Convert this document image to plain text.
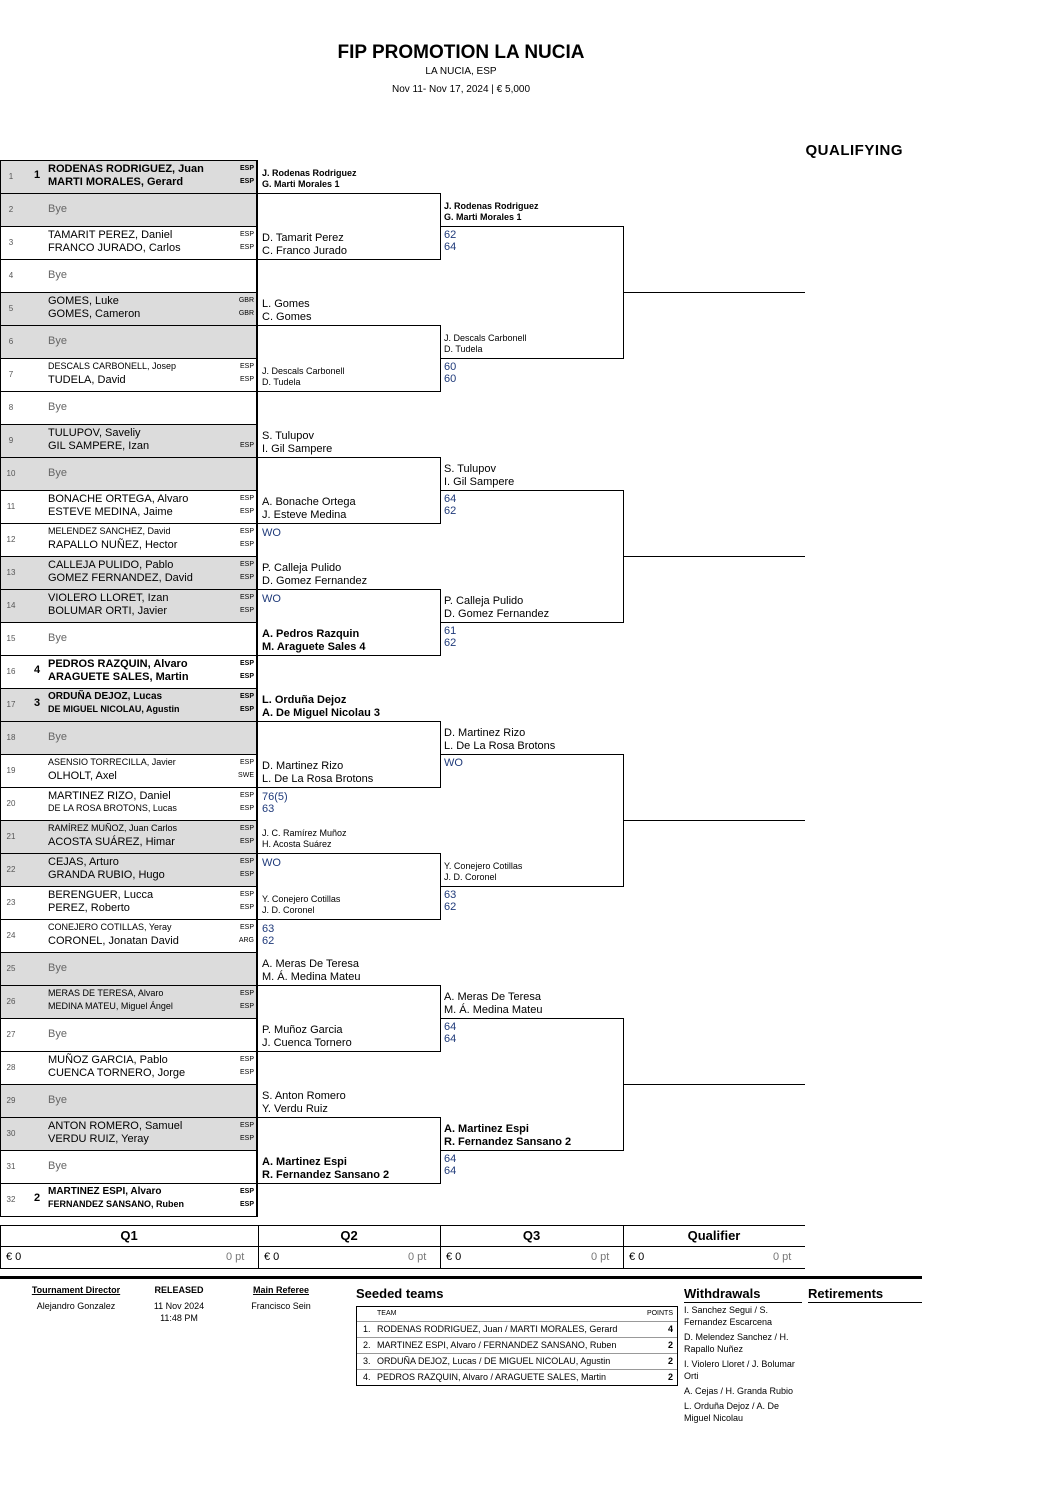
FIP PROMOTION LA NUCIA
LA NUCIA, ESP
Nov 11- Nov 17, 2024 | € 5,000
QUALIFYING
1	1 RODENAS RODRIGUEZ, Juan
MARTI MORALES, Gerard
ESP
ESP
2	Bye
3
TAMARIT PEREZ, Daniel
FRANCO JURADO, Carlos
ESP
ESP
4	Bye
5
GOMES, Luke
GOMES, Cameron
GBR
GBR
6	Bye
7
DESCALS CARBONELL, Josep
TUDELA, David
ESP
ESP
8	Bye
9
TULUPOV, Saveliy
GIL SAMPERE, Izan	ESP
10	Bye
11
BONACHE ORTEGA, Alvaro
ESTEVE MEDINA, Jaime
ESP
ESP
12
MELENDEZ SANCHEZ, David
RAPALLO NUÑEZ, Hector
ESP
ESP
13
CALLEJA PULIDO, Pablo
GOMEZ FERNANDEZ, David
ESP
ESP
14
VIOLERO LLORET, Izan
BOLUMAR ORTI, Javier
ESP
ESP
15	Bye
16	4 PEDROS RAZQUIN, Alvaro
ARAGUETE SALES, Martin
ESP
ESP
17	3
ORDUÑA DEJOZ, Lucas
DE MIGUEL NICOLAU, Agustin
ESP
ESP
18	Bye
19
ASENSIO TORRECILLA, Javier
OLHOLT, Axel
ESP
SWE
20
MARTINEZ RIZO, Daniel
DE LA ROSA BROTONS, Lucas
ESP
ESP
21
RAMÍREZ MUÑOZ, Juan Carlos
ACOSTA SUÁREZ, Himar
ESP
ESP
22
CEJAS, Arturo
GRANDA RUBIO, Hugo
ESP
ESP
23
BERENGUER, Lucca
PEREZ, Roberto
ESP
ESP
24
CONEJERO COTILLAS, Yeray
CORONEL, Jonatan David
ESP
ARG
25	Bye
26
MERAS DE TERESA, Alvaro
MEDINA MATEU, Miguel Ángel
ESP
ESP
27	Bye
28
MUÑOZ GARCIA, Pablo
CUENCA TORNERO, Jorge
ESP
ESP
29	Bye
30
ANTON ROMERO, Samuel
VERDU RUIZ, Yeray
ESP
ESP
31	Bye
32	2
MARTINEZ ESPI, Alvaro
FERNANDEZ SANSANO, Ruben
ESP
ESP
J. Rodenas Rodriguez
G. Marti Morales 1
D. Tamarit Perez
C. Franco Jurado
L. Gomes
C. Gomes
J. Descals Carbonell
D. Tudela
S. Tulupov
I. Gil Sampere
A. Bonache Ortega
J. Esteve Medina
WO
P. Calleja Pulido
D. Gomez Fernandez
WO
A. Pedros Razquin
M. Araguete Sales 4
L. Orduña Dejoz
A. De Miguel Nicolau 3
D. Martinez Rizo
L. De La Rosa Brotons
76(5) 63
J. C. Ramírez Muñoz
H. Acosta Suárez
WO
Y. Conejero Cotillas
J. D. Coronel
63 62
A. Meras De Teresa
M. Á. Medina Mateu
P. Muñoz Garcia
J. Cuenca Tornero
S. Anton Romero
Y. Verdu Ruiz
A. Martinez Espi
R. Fernandez Sansano 2
J. Rodenas Rodriguez
G. Marti Morales 1
62 64
J. Descals Carbonell
D. Tudela
60 60
S. Tulupov
I. Gil Sampere
64 62
P. Calleja Pulido
D. Gomez Fernandez
61 62
D. Martinez Rizo
L. De La Rosa Brotons
WO
Y. Conejero Cotillas
J. D. Coronel
63 62
A. Meras De Teresa
M. Á. Medina Mateu
64 64
A. Martinez Espi
R. Fernandez Sansano 2
64 64
Tournament Director
Alejandro Gonzalez
RELEASED
11 Nov 2024
11:48 PM
Main Referee
Francisco Sein
Seeded teams
TEAM	POINTS
1. RODENAS RODRIGUEZ, Juan / MARTI MORALES, Gerard	4
2. MARTINEZ ESPI, Alvaro / FERNANDEZ SANSANO, Ruben	2
3. ORDUÑA DEJOZ, Lucas / DE MIGUEL NICOLAU, Agustin	2
4. PEDROS RAZQUIN, Alvaro / ARAGUETE SALES, Martin	2
Withdrawals
I. Sanchez Segui / S. Fernandez Escarcena
D. Melendez Sanchez / H. Rapallo Nuñez
I. Violero Lloret / J. Bolumar Orti
A. Cejas / H. Granda Rubio
L. Orduña Dejoz / A. De Miguel Nicolau
Retirements
Q1
€ 0	0 pt
Q2
€ 0	0 pt
Q3
€ 0	0 pt
Qualifier
€ 0	0 pt
